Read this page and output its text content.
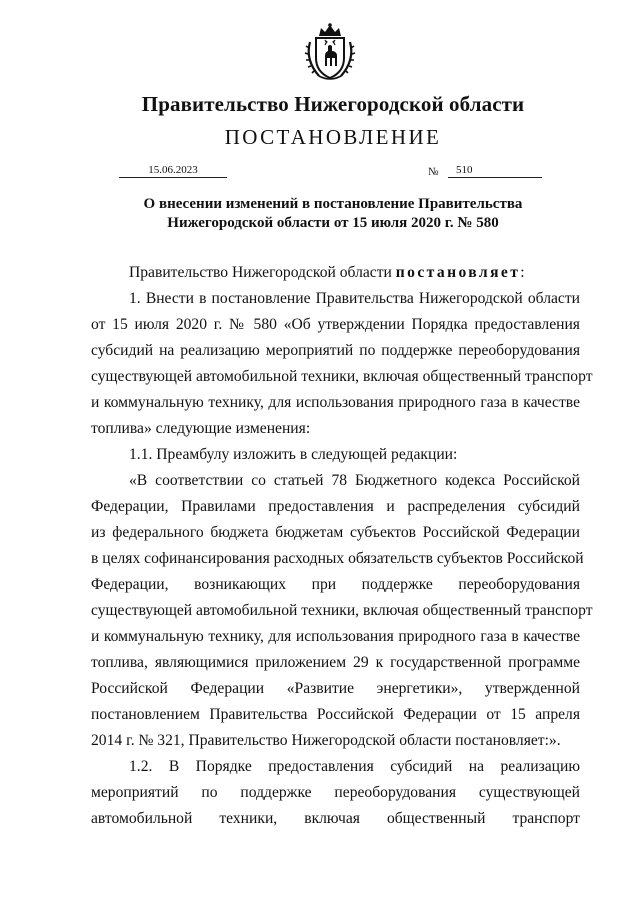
Правительство Нижегородской области
ПОСТАНОВЛЕНИЕ
15.06.2023	№	510
О внесении изменений в постановление Правительства
Нижегородской области от 15 июля 2020 г. № 580
Правительство Нижегородской области постановляет:
1. Внести в постановление Правительства Нижегородской области
от 15 июля 2020 г. № 580 «Об утверждении Порядка предоставления
субсидий на реализацию мероприятий по поддержке переоборудования
существующей автомобильной техники, включая общественный транспорт
и коммунальную технику, для использования природного газа в качестве
топлива» следующие изменения:
1.1. Преамбулу изложить в следующей редакции:
«В соответствии со статьей 78 Бюджетного кодекса Российской
Федерации, Правилами предоставления и распределения субсидий
из федерального бюджета бюджетам субъектов Российской Федерации
в целях софинансирования расходных обязательств субъектов Российской
Федерации, возникающих при поддержке переоборудования
существующей автомобильной техники, включая общественный транспорт
и коммунальную технику, для использования природного газа в качестве
топлива, являющимися приложением 29 к государственной программе
Российской Федерации «Развитие энергетики», утвержденной
постановлением Правительства Российской Федерации от 15 апреля
2014 г. № 321, Правительство Нижегородской области постановляет:».
1.2. В Порядке предоставления субсидий на реализацию
мероприятий по поддержке переоборудования существующей
автомобильной техники, включая общественный транспорт
